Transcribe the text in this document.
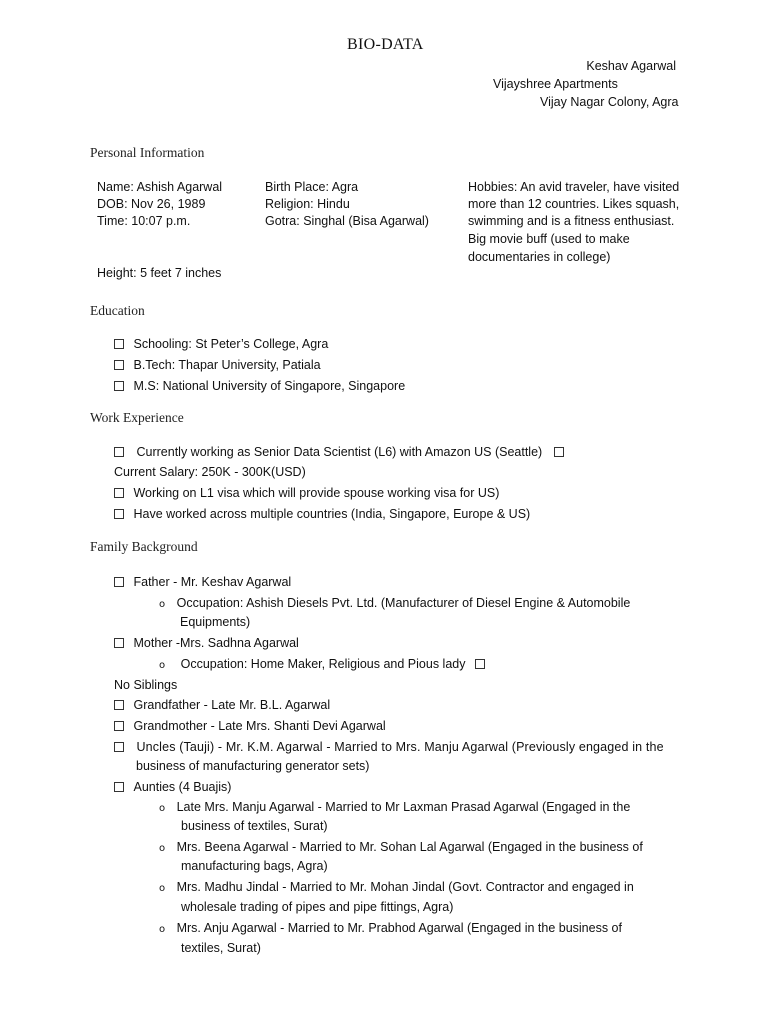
BIO-DATA
Keshav Agarwal
Vijayshree Apartments
Vijay Nagar Colony, Agra
Personal Information
Name: Ashish Agarwal
DOB: Nov 26, 1989
Time: 10:07 p.m.
Birth Place: Agra
Religion: Hindu
Gotra: Singhal (Bisa Agarwal)
Hobbies: An avid traveler, have visited
more than 12 countries. Likes squash,
swimming and is a fitness enthusiast.
Big movie buff (used to make
documentaries in college)
Height: 5 feet 7 inches
Education
Schooling: St Peter’s College, Agra
B.Tech: Thapar University, Patiala
M.S: National University of Singapore, Singapore
Work Experience
Currently working as Senior Data Scientist (L6) with Amazon US (Seattle)
Current Salary: 250K - 300K(USD)
Working on L1 visa which will provide spouse working visa for US)
Have worked across multiple countries (India, Singapore, Europe & US)
Family Background
Father - Mr. Keshav Agarwal
o Occupation: Ashish Diesels Pvt. Ltd. (Manufacturer of Diesel Engine & Automobile
Equipments)
Mother -Mrs. Sadhna Agarwal
o Occupation: Home Maker, Religious and Pious lady
No Siblings
Grandfather - Late Mr. B.L. Agarwal
Grandmother - Late Mrs. Shanti Devi Agarwal
Uncles (Tauji) - Mr. K.M. Agarwal - Married to Mrs. Manju Agarwal (Previously engaged in the
business of manufacturing generator sets)
Aunties (4 Buajis)
o Late Mrs. Manju Agarwal - Married to Mr Laxman Prasad Agarwal (Engaged in the
business of textiles, Surat)
o Mrs. Beena Agarwal - Married to Mr. Sohan Lal Agarwal (Engaged in the business of
manufacturing bags, Agra)
o Mrs. Madhu Jindal - Married to Mr. Mohan Jindal (Govt. Contractor and engaged in
wholesale trading of pipes and pipe fittings, Agra)
o Mrs. Anju Agarwal - Married to Mr. Prabhod Agarwal (Engaged in the business of
textiles, Surat)
